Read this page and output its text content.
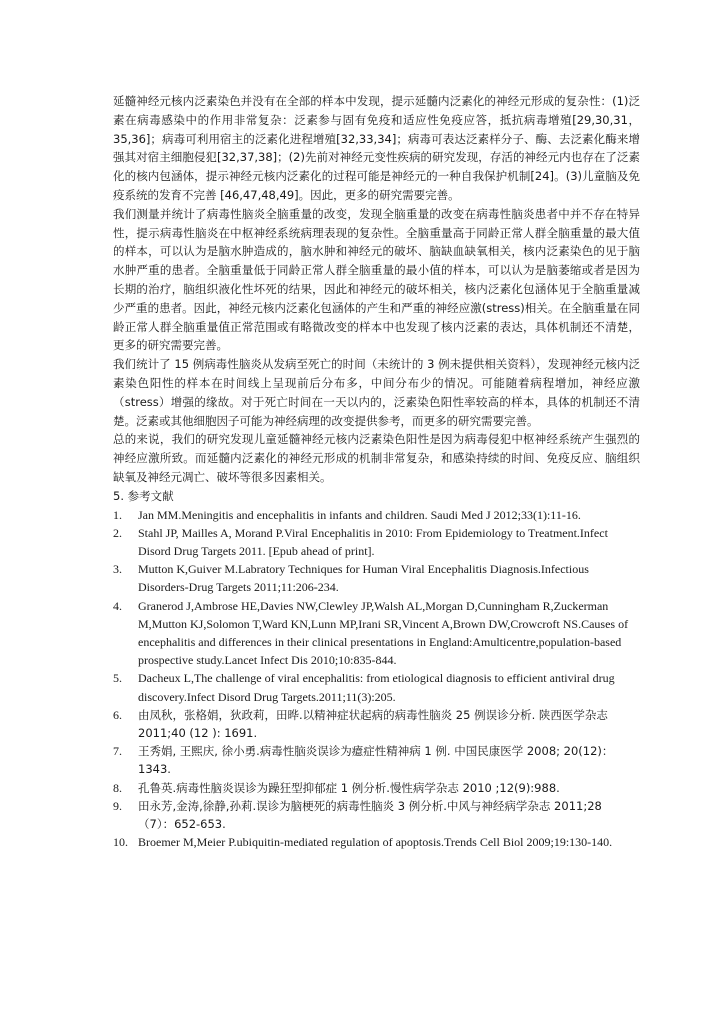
延髓神经元核内泛素染色并没有在全部的样本中发现，提示延髓内泛素化的神经元形成的复杂性：(1)泛素在病毒感染中的作用非常复杂：泛素参与固有免疫和适应性免疫应答，抵抗病毒增殖[29,30,31，35,36]；病毒可利用宿主的泛素化进程增殖[32,33,34]；病毒可表达泛素样分子、酶、去泛素化酶来增强其对宿主细胞侵犯[32,37,38]；(2)先前对神经元变性疾病的研究发现，存活的神经元内也存在了泛素化的核内包涵体，提示神经元核内泛素化的过程可能是神经元的一种自我保护机制[24]。(3)儿童脑及免疫系统的发育不完善 [46,47,48,49]。因此，更多的研究需要完善。

我们测量并统计了病毒性脑炎全脑重量的改变，发现全脑重量的改变在病毒性脑炎患者中并不存在特异性，提示病毒性脑炎在中枢神经系统病理表现的复杂性。全脑重量高于同龄正常人群全脑重量的最大值的样本，可以认为是脑水肿造成的，脑水肿和神经元的破坏、脑缺血缺氧相关，核内泛素染色的见于脑水肿严重的患者。全脑重量低于同龄正常人群全脑重量的最小值的样本，可以认为是脑萎缩或者是因为长期的治疗，脑组织液化性坏死的结果，因此和神经元的破坏相关，核内泛素化包涵体见于全脑重量减少严重的患者。因此，神经元核内泛素化包涵体的产生和严重的神经应激(stress)相关。在全脑重量在同龄正常人群全脑重量值正常范围或有略微改变的样本中也发现了核内泛素的表达，具体机制还不清楚，更多的研究需要完善。

我们统计了 15 例病毒性脑炎从发病至死亡的时间（未统计的 3 例未提供相关资料），发现神经元核内泛素染色阳性的样本在时间线上呈现前后分布多，中间分布少的情况。可能随着病程增加，神经应激（stress）增强的缘故。对于死亡时间在一天以内的，泛素染色阳性率较高的样本，具体的机制还不清楚。泛素或其他细胞因子可能为神经病理的改变提供参考，而更多的研究需要完善。

总的来说，我们的研究发现儿童延髓神经元核内泛素染色阳性是因为病毒侵犯中枢神经系统产生强烈的神经应激所致。而延髓内泛素化的神经元形成的机制非常复杂，和感染持续的时间、免疫反应、脑组织缺氧及神经元凋亡、破坏等很多因素相关。

5. 参考文献

1. Jan MM.Meningitis and encephalitis in infants and children. Saudi Med J 2012;33(1):11-16.
2. Stahl JP, Mailles A, Morand P.Viral Encephalitis in 2010: From Epidemiology to Treatment.Infect Disord Drug Targets 2011. [Epub ahead of print].
3. Mutton K,Guiver M.Labratory Techniques for Human Viral Encephalitis Diagnosis.Infectious Disorders-Drug Targets 2011;11:206-234.
4. Granerod J,Ambrose HE,Davies NW,Clewley JP,Walsh AL,Morgan D,Cunningham R,Zuckerman M,Mutton KJ,Solomon T,Ward KN,Lunn MP,Irani SR,Vincent A,Brown DW,Crowcroft NS.Causes of encephalitis and differences in their clinical presentations in England:Amulticentre,population-based prospective study.Lancet Infect Dis 2010;10:835-844.
5. Dacheux L,The challenge of viral encephalitis: from etiological diagnosis to efficient antiviral drug discovery.Infect Disord Drug Targets.2011;11(3):205.
6. 由凤秋，张格娟，狄政莉，田晔.以精神症状起病的病毒性脑炎 25 例误诊分析. 陕西医学杂志 2011;40 (12 ): 1691.
7. 王秀娟, 王熙庆, 徐小勇.病毒性脑炎误诊为癔症性精神病 1 例. 中国民康医学 2008; 20(12)：1343.
8. 孔鲁英.病毒性脑炎误诊为躁狂型抑郁症 1 例分析.慢性病学杂志 2010 ;12(9):988.
9. 田永芳,金涛,徐静,孙莉.误诊为脑梗死的病毒性脑炎 3 例分析.中风与神经病学杂志 2011;28 （7）：652-653.
10. Broemer M,Meier P.ubiquitin-mediated regulation of apoptosis.Trends Cell Biol 2009;19:130-140.
